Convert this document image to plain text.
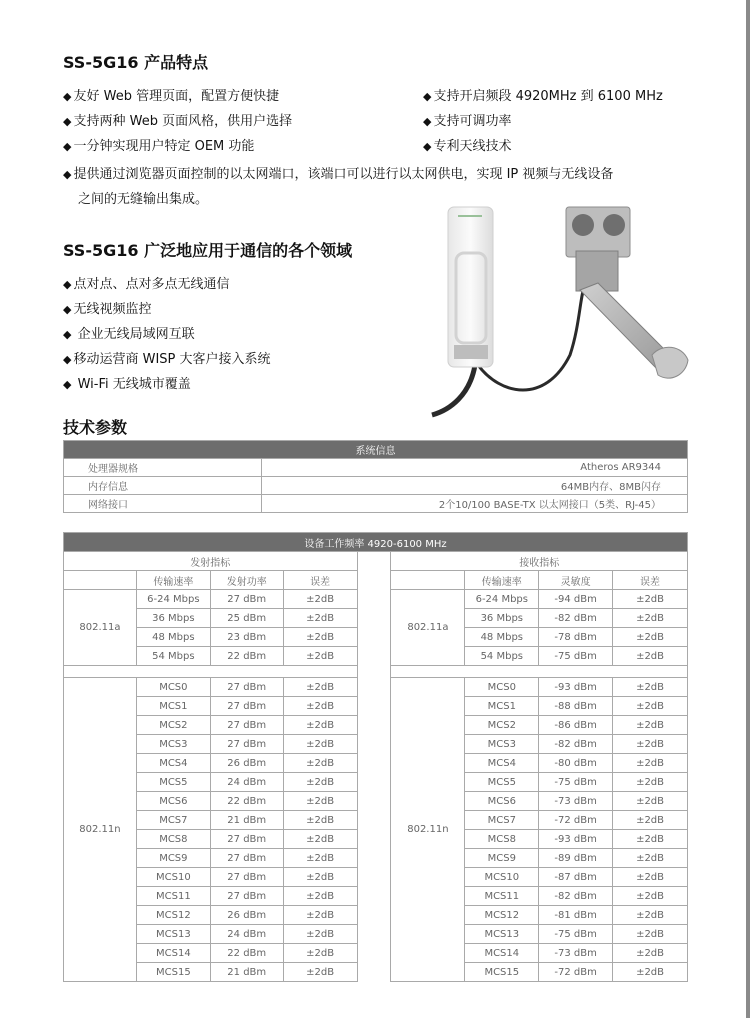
SS-5G16 产品特点
◆ 友好 Web 管理页面，配置方便快捷
◆ 支持两种 Web 页面风格，供用户选择
◆ 一分钟实现用户特定 OEM 功能
◆ 支持开启频段 4920MHz 到 6100 MHz
◆ 支持可调功率
◆ 专利天线技术
◆ 提供通过浏览器页面控制的以太网端口，该端口可以进行以太网供电，实现 IP 视频与无线设备
之间的无缝输出集成。
SS-5G16 广泛地应用于通信的各个领域
◆ 点对点、点对多点无线通信
◆ 无线视频监控
◆ 企业无线局域网互联
◆ 移动运营商 WISP 大客户接入系统
◆ Wi-Fi 无线城市覆盖
技术参数
系统信息	
处理器规格	Atheros AR9344
内存信息	64MB内存、8MB闪存
网络接口	2个10/100 BASE-TX 以太网接口（5类、RJ-45）
设备工作频率 4920-6100 MHz								
发射指标					接收指标			
	传输速率	发射功率	误差			传输速率	灵敏度	误差
802.11a	6-24 Mbps	27 dBm	±2dB		802.11a	6-24 Mbps	-94 dBm	±2dB
	36 Mbps	25 dBm	±2dB			36 Mbps	-82 dBm	±2dB
	48 Mbps	23 dBm	±2dB			48 Mbps	-78 dBm	±2dB
	54 Mbps	22 dBm	±2dB			54 Mbps	-75 dBm	±2dB

802.11n	MCS0	27 dBm	±2dB		802.11n	MCS0	-93 dBm	±2dB
	MCS1	27 dBm	±2dB			MCS1	-88 dBm	±2dB
	MCS2	27 dBm	±2dB			MCS2	-86 dBm	±2dB
	MCS3	27 dBm	±2dB			MCS3	-82 dBm	±2dB
	MCS4	26 dBm	±2dB			MCS4	-80 dBm	±2dB
	MCS5	24 dBm	±2dB			MCS5	-75 dBm	±2dB
	MCS6	22 dBm	±2dB			MCS6	-73 dBm	±2dB
	MCS7	21 dBm	±2dB			MCS7	-72 dBm	±2dB
	MCS8	27 dBm	±2dB			MCS8	-93 dBm	±2dB
	MCS9	27 dBm	±2dB			MCS9	-89 dBm	±2dB
	MCS10	27 dBm	±2dB			MCS10	-87 dBm	±2dB
	MCS11	27 dBm	±2dB			MCS11	-82 dBm	±2dB
	MCS12	26 dBm	±2dB			MCS12	-81 dBm	±2dB
	MCS13	24 dBm	±2dB			MCS13	-75 dBm	±2dB
	MCS14	22 dBm	±2dB			MCS14	-73 dBm	±2dB
	MCS15	21 dBm	±2dB			MCS15	-72 dBm	±2dB
